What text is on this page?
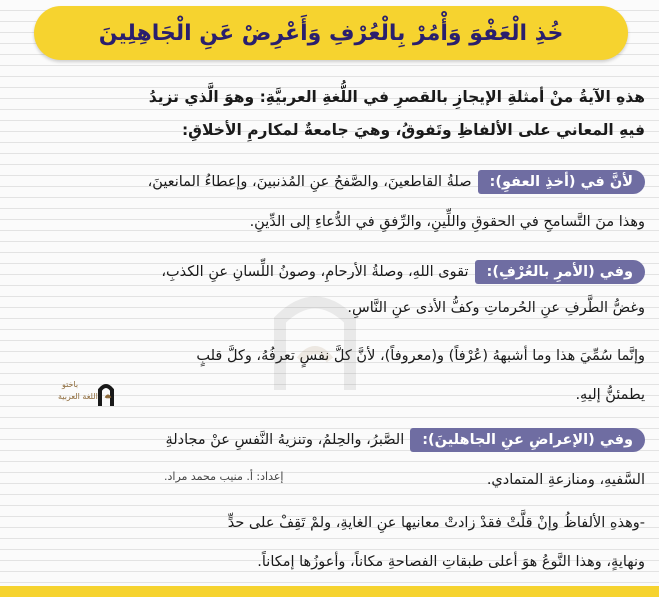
خُذِ الْعَفْوَ وَأْمُرْ بِالْعُرْفِ وَأَعْرِضْ عَنِ الْجَاهِلِينَ
هذهِ الآيةُ منْ أمثلةِ الإيجازِ بالقصرِ في اللُّغةِ العربيَّةِ: وهوَ الَّذي تزيدُ
فيهِ المعاني على الألفاظِ وتَفوقُ، وهيَ جامعةٌ لمكارمِ الأخلاقِ:
لأنَّ في (أخذِ العفوِ):صلةُ القاطعينَ، والصَّفحُ عنِ المُذنبينَ، وإعطاءُ المانعينَ،
وهذا منَ التَّسامحِ في الحقوقِ واللِّينِ، والرِّفقِ في الدُّعاءِ إلى الدِّينِ.
وفي (الأمرِ بالعُرْفِ):تقوى اللهِ، وصلةُ الأرحامِ، وصونُ اللِّسانِ عنِ الكذبِ،
وغضُّ الطَّرفِ عنِ الحُرماتِ وكفُّ الأذى عنِ النَّاسِ.
وإنَّما سُمِّيَ هذا وما أشبههُ (عُرْفاً) و(معروفاً)، لأنَّ كلَّ نفسٍ تعرفُهُ، وكلَّ قلبٍ
يطمئنُّ إليهِ.
وفي (الإعراضِ عنِ الجاهلينَ):الصَّبرُ، والحِلمُ، وتنزيهُ النَّفسِ عنْ مجادلةِ
السَّفيهِ، ومنازعةِ المتمادي.
إعداد: أ. منيب محمد مراد.
-وهذهِ الألفاظُ وإنْ قلَّتْ فقدْ زادتْ معانيها عنِ الغايةِ، ولمْ تَقِفْ على حدٍّ
ونهايةٍ، وهذا النَّوعُ هوَ أعلى طبقاتِ الفصاحةِ مكاناً، وأعوزُها إمكاناً.
باختو
اللغة العربية
